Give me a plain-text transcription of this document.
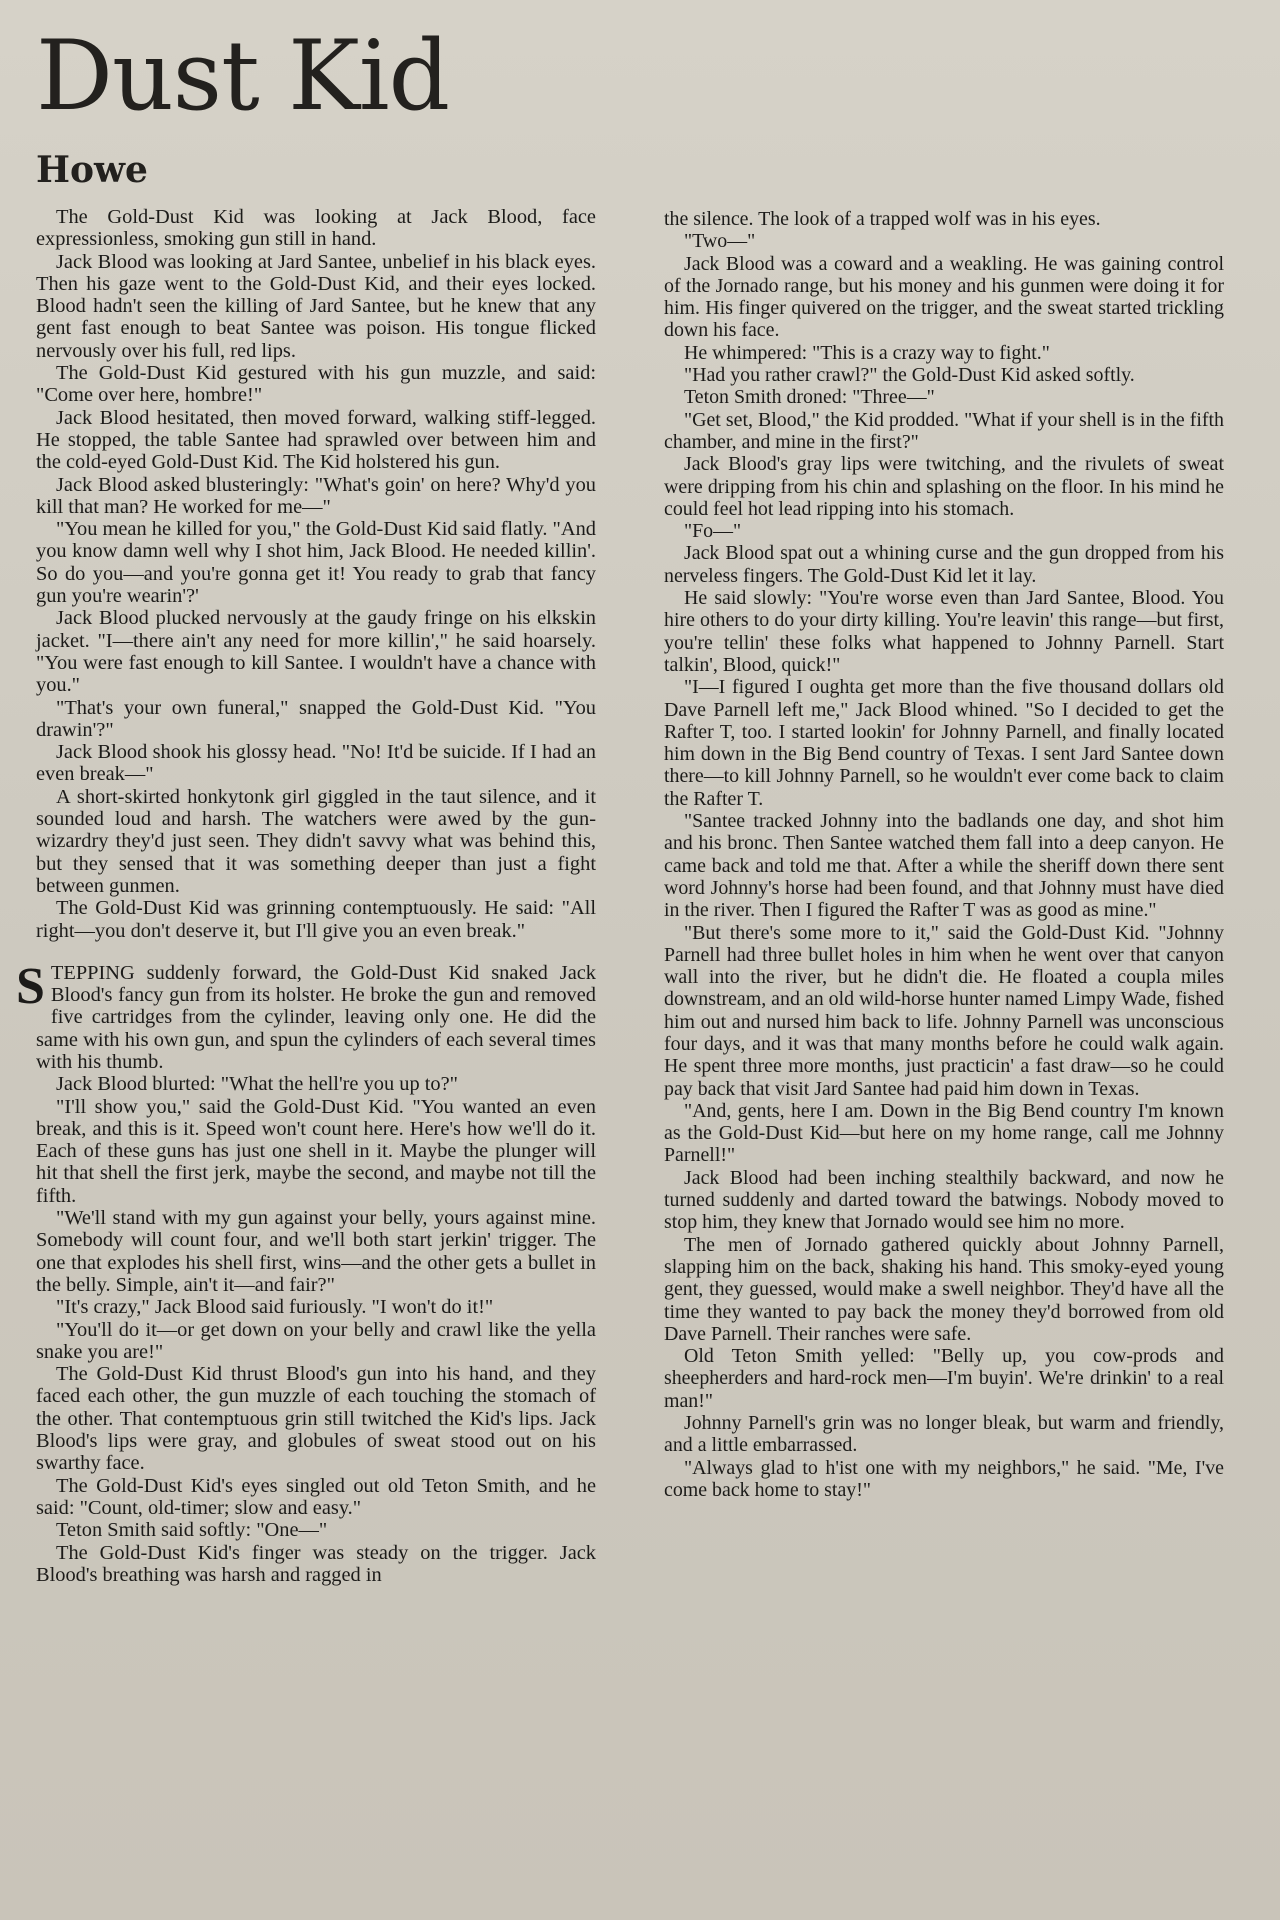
Dust Kid
Howe

The Gold-Dust Kid was looking at Jack Blood, face expressionless, smoking gun still in hand.

Jack Blood was looking at Jard Santee, unbelief in his black eyes. Then his gaze went to the Gold-Dust Kid, and their eyes locked. Blood hadn't seen the killing of Jard Santee, but he knew that any gent fast enough to beat Santee was poison. His tongue flicked nervously over his full, red lips.

The Gold-Dust Kid gestured with his gun muzzle, and said: "Come over here, hombre!"

Jack Blood hesitated, then moved forward, walking stiff-legged. He stopped, the table Santee had sprawled over between him and the cold-eyed Gold-Dust Kid. The Kid holstered his gun.

Jack Blood asked blusteringly: "What's goin' on here? Why'd you kill that man? He worked for me—"

"You mean he killed for you," the Gold-Dust Kid said flatly. "And you know damn well why I shot him, Jack Blood. He needed killin'. So do you—and you're gonna get it! You ready to grab that fancy gun you're wearin'?'

Jack Blood plucked nervously at the gaudy fringe on his elkskin jacket. "I—there ain't any need for more killin'," he said hoarsely. "You were fast enough to kill Santee. I wouldn't have a chance with you."

"That's your own funeral," snapped the Gold-Dust Kid. "You drawin'?"

Jack Blood shook his glossy head. "No! It'd be suicide. If I had an even break—"

A short-skirted honkytonk girl giggled in the taut silence, and it sounded loud and harsh. The watchers were awed by the gun-wizardry they'd just seen. They didn't savvy what was behind this, but they sensed that it was something deeper than just a fight between gunmen.

The Gold-Dust Kid was grinning contemptuously. He said: "All right—you don't deserve it, but I'll give you an even break."

STEPPING suddenly forward, the Gold-Dust Kid snaked Jack Blood's fancy gun from its holster. He broke the gun and removed five cartridges from the cylinder, leaving only one. He did the same with his own gun, and spun the cylinders of each several times with his thumb.

Jack Blood blurted: "What the hell're you up to?"

"I'll show you," said the Gold-Dust Kid. "You wanted an even break, and this is it. Speed won't count here. Here's how we'll do it. Each of these guns has just one shell in it. Maybe the plunger will hit that shell the first jerk, maybe the second, and maybe not till the fifth.

"We'll stand with my gun against your belly, yours against mine. Somebody will count four, and we'll both start jerkin' trigger. The one that explodes his shell first, wins—and the other gets a bullet in the belly. Simple, ain't it—and fair?"

"It's crazy," Jack Blood said furiously. "I won't do it!"

"You'll do it—or get down on your belly and crawl like the yella snake you are!"

The Gold-Dust Kid thrust Blood's gun into his hand, and they faced each other, the gun muzzle of each touching the stomach of the other. That contemptuous grin still twitched the Kid's lips. Jack Blood's lips were gray, and globules of sweat stood out on his swarthy face.

The Gold-Dust Kid's eyes singled out old Teton Smith, and he said: "Count, old-timer; slow and easy."

Teton Smith said softly: "One—"

The Gold-Dust Kid's finger was steady on the trigger. Jack Blood's breathing was harsh and ragged in

the silence. The look of a trapped wolf was in his eyes.

"Two—"

Jack Blood was a coward and a weakling. He was gaining control of the Jornado range, but his money and his gunmen were doing it for him. His finger quivered on the trigger, and the sweat started trickling down his face.

He whimpered: "This is a crazy way to fight."

"Had you rather crawl?" the Gold-Dust Kid asked softly.

Teton Smith droned: "Three—"

"Get set, Blood," the Kid prodded. "What if your shell is in the fifth chamber, and mine in the first?"

Jack Blood's gray lips were twitching, and the rivulets of sweat were dripping from his chin and splashing on the floor. In his mind he could feel hot lead ripping into his stomach.

"Fo—"

Jack Blood spat out a whining curse and the gun dropped from his nerveless fingers. The Gold-Dust Kid let it lay.

He said slowly: "You're worse even than Jard Santee, Blood. You hire others to do your dirty killing. You're leavin' this range—but first, you're tellin' these folks what happened to Johnny Parnell. Start talkin', Blood, quick!"

"I—I figured I oughta get more than the five thousand dollars old Dave Parnell left me," Jack Blood whined. "So I decided to get the Rafter T, too. I started lookin' for Johnny Parnell, and finally located him down in the Big Bend country of Texas. I sent Jard Santee down there—to kill Johnny Parnell, so he wouldn't ever come back to claim the Rafter T.

"Santee tracked Johnny into the badlands one day, and shot him and his bronc. Then Santee watched them fall into a deep canyon. He came back and told me that. After a while the sheriff down there sent word Johnny's horse had been found, and that Johnny must have died in the river. Then I figured the Rafter T was as good as mine."

"But there's some more to it," said the Gold-Dust Kid. "Johnny Parnell had three bullet holes in him when he went over that canyon wall into the river, but he didn't die. He floated a coupla miles downstream, and an old wild-horse hunter named Limpy Wade, fished him out and nursed him back to life. Johnny Parnell was unconscious four days, and it was that many months before he could walk again. He spent three more months, just practicin' a fast draw—so he could pay back that visit Jard Santee had paid him down in Texas.

"And, gents, here I am. Down in the Big Bend country I'm known as the Gold-Dust Kid—but here on my home range, call me Johnny Parnell!"

Jack Blood had been inching stealthily backward, and now he turned suddenly and darted toward the batwings. Nobody moved to stop him, they knew that Jornado would see him no more.

The men of Jornado gathered quickly about Johnny Parnell, slapping him on the back, shaking his hand. This smoky-eyed young gent, they guessed, would make a swell neighbor. They'd have all the time they wanted to pay back the money they'd borrowed from old Dave Parnell. Their ranches were safe.

Old Teton Smith yelled: "Belly up, you cow-prods and sheepherders and hard-rock men—I'm buyin'. We're drinkin' to a real man!"

Johnny Parnell's grin was no longer bleak, but warm and friendly, and a little embarrassed.

"Always glad to h'ist one with my neighbors," he said. "Me, I've come back home to stay!"
